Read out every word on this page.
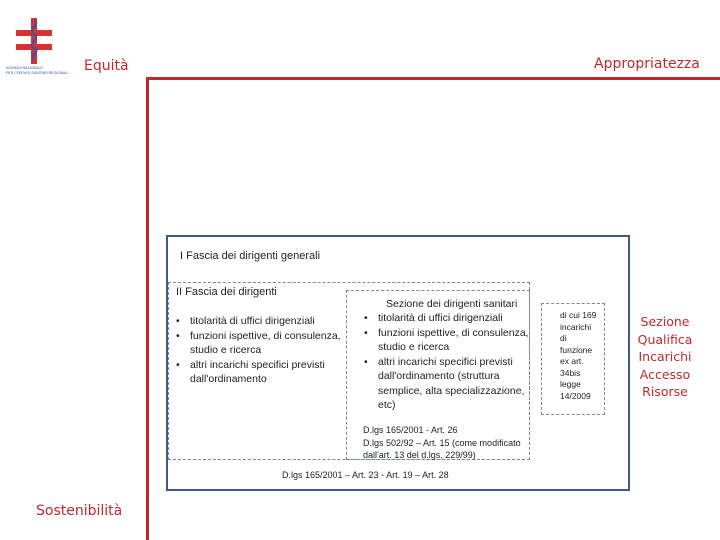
AGENZIA NAZIONALE
PER I SERVIZI SANITARI REGIONALI Equità	Appropriatezza
Sostenibilità
I Fascia dei dirigenti generali
II Fascia dei dirigenti
• titolarità di uffici dirigenziali
• funzioni ispettive, di consulenza, studio e ricerca
• altri incarichi specifici previsti dall'ordinamento
Sezione dei dirigenti sanitari
• titolarità di uffici dirigenziali
• funzioni ispettive, di consulenza, studio e ricerca
• altri incarichi specifici previsti dall'ordinamento (struttura semplice, alta specializzazione, etc)
D.lgs 165/2001 - Art. 26
D.lgs 502/92 – Art. 15 (come modificato
dall'art. 13 del d.lgs. 229/99)
D.lgs 165/2001 – Art. 23 - Art. 19 – Art. 28
di cui 169
incarichi
di
funzione
ex art.
34bis
legge
14/2009
Sezione
Qualifica
Incarichi
Accesso
Risorse
